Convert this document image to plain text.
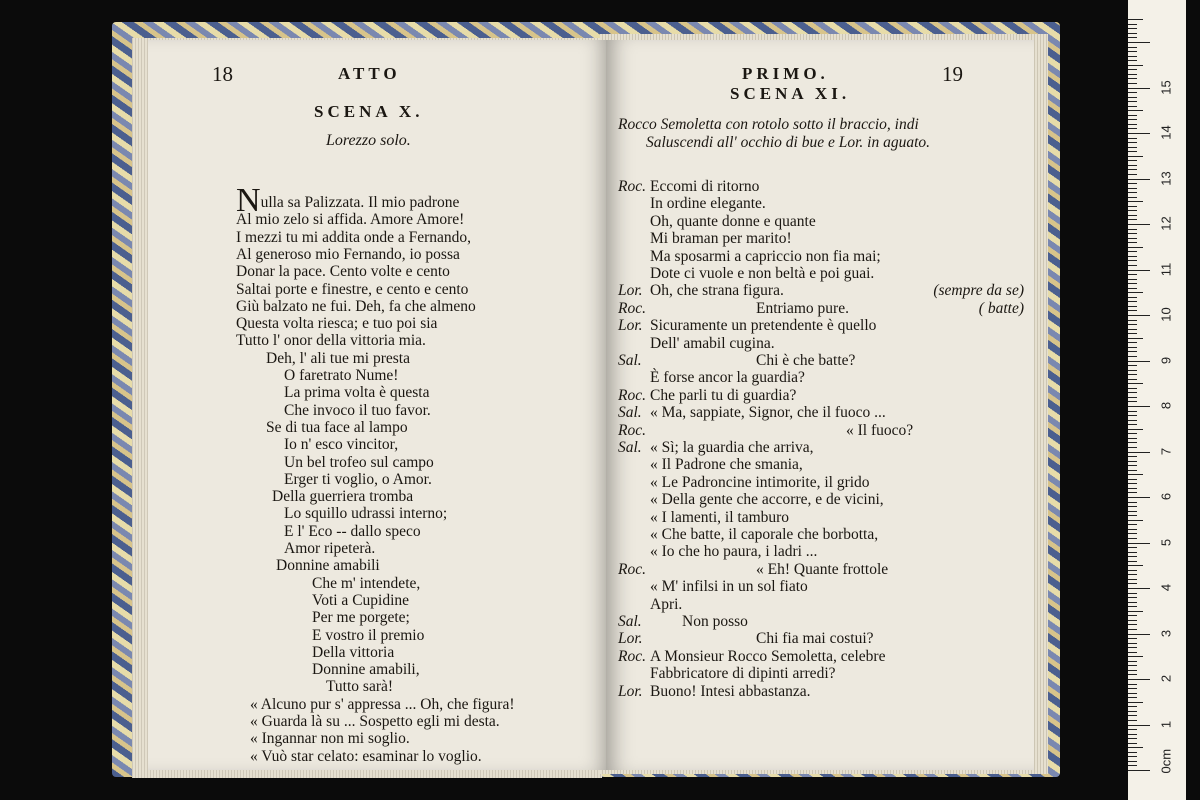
18	ATTO
SCENA X.
Lorezzo solo.
Nulla sa Palizzata. Il mio padrone
Al mio zelo si affida. Amore Amore!
I mezzi tu mi addita onde a Fernando,
Al generoso mio Fernando, io possa
Donar la pace. Cento volte e cento
Saltai porte e finestre, e cento e cento
Giù balzato ne fui. Deh, fa che almeno
Questa volta riesca; e tuo poi sia
Tutto l' onor della vittoria mia.
Deh, l' ali tue mi presta
O faretrato Nume!
La prima volta è questa
Che invoco il tuo favor.
Se di tua face al lampo
Io n' esco vincitor,
Un bel trofeo sul campo
Erger ti voglio, o Amor.
Della guerriera tromba
Lo squillo udrassi interno;
E l' Eco -- dallo speco
Amor ripeterà.
Donnine amabili
Che m' intendete,
Voti a Cupidine
Per me porgete;
E vostro il premio
Della vittoria
Donnine amabili,
Tutto sarà!
« Alcuno pur s' appressa ... Oh, che figura!
« Guarda là su ... Sospetto egli mi desta.
« Ingannar non mi soglio.
« Vuò star celato: esaminar lo voglio.
PRIMO.	19
SCENA XI.
Rocco Semoletta con rotolo sotto il braccio, indi
Saluscendi all' occhio di bue e Lor. in aguato.
Roc. Eccomi di ritorno
In ordine elegante.
Oh, quante donne e quante
Mi braman per marito!
Ma sposarmi a capriccio non fia mai;
Dote ci vuole e non beltà e poi guai.
Lor. Oh, che strana figura.	(sempre da se)
Roc.	Entriamo pure.	( batte)
Lor. Sicuramente un pretendente è quello
Dell' amabil cugina.
Sal.	Chi è che batte?
È forse ancor la guardia?
Roc. Che parli tu di guardia?
Sal. « Ma, sappiate, Signor, che il fuoco ...
Roc.	« Il fuoco?
Sal. « Sì; la guardia che arriva,
« Il Padrone che smania,
« Le Padroncine intimorite, il grido
« Della gente che accorre, e de vicini,
« I lamenti, il tamburo
« Che batte, il caporale che borbotta,
« Io che ho paura, i ladri ...
Roc.	« Eh! Quante frottole
« M' infilsi in un sol fiato
Apri.
Sal.	Non posso
Lor.	Chi fia mai costui?
Roc. A Monsieur Rocco Semoletta, celebre
Fabbricatore di dipinti arredi?
Lor. Buono! Intesi abbastanza.
0cm
1
2
3
4
5
6
7
8
9
10
11
12
13
14
15
